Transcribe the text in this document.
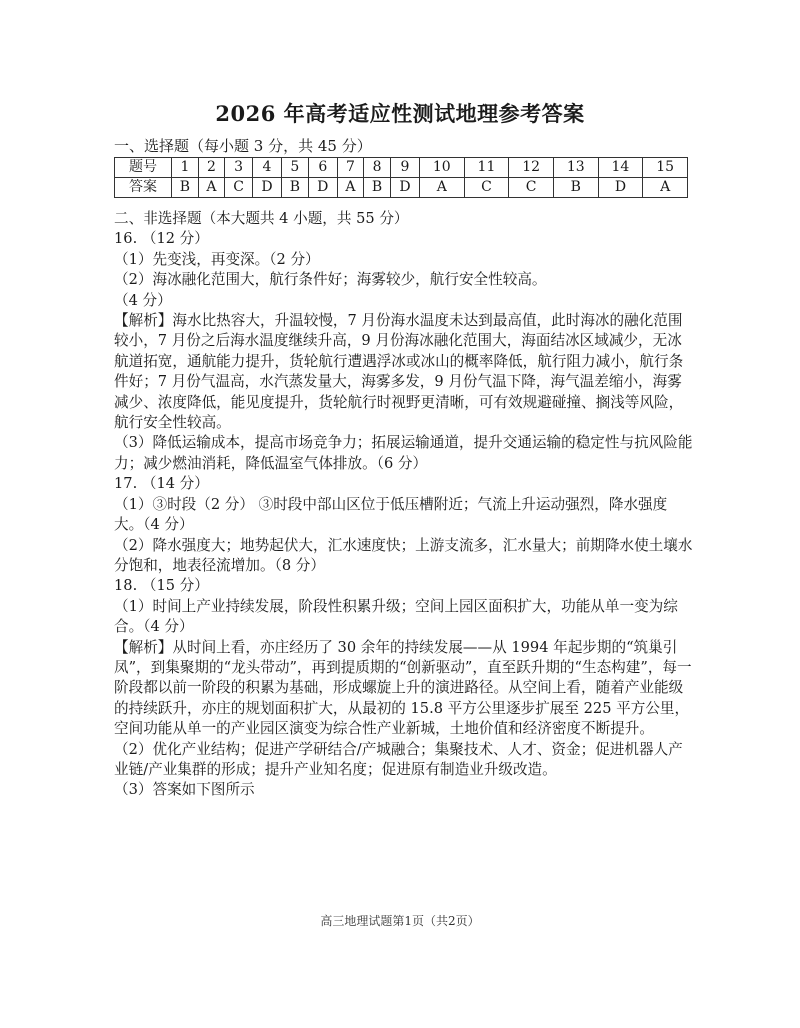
2026 年高考适应性测试地理参考答案
一、选择题（每小题 3 分，共 45 分）
题号	1	2	3	4	5	6	7	8	9	10	11	12	13	14	15
答案	B	A	C	D	B	D	A	B	D	A	C	C	B	D	A

二、非选择题（本大题共 4 小题，共 55 分）

16. （12 分）

（1）先变浅，再变深。（2 分）

（2）海冰融化范围大，航行条件好；海雾较少，航行安全性较高。

（4 分）

【解析】海水比热容大，升温较慢，7 月份海水温度未达到最高值，此时海冰的融化范围较小，7 月份之后海水温度继续升高，9 月份海冰融化范围大，海面结冰区域减少，无冰航道拓宽，通航能力提升，货轮航行遭遇浮冰或冰山的概率降低，航行阻力减小，航行条件好；7 月份气温高，水汽蒸发量大，海雾多发，9 月份气温下降，海气温差缩小，海雾减少、浓度降低，能见度提升，货轮航行时视野更清晰，可有效规避碰撞、搁浅等风险，航行安全性较高。

（3）降低运输成本，提高市场竞争力；拓展运输通道，提升交通运输的稳定性与抗风险能力；减少燃油消耗，降低温室气体排放。（6 分）

17. （14 分）

（1）③时段（2 分） ③时段中部山区位于低压槽附近；气流上升运动强烈，降水强度大。（4 分）

（2）降水强度大；地势起伏大，汇水速度快；上游支流多，汇水量大；前期降水使土壤水分饱和，地表径流增加。（8 分）

18. （15 分）

（1）时间上产业持续发展，阶段性积累升级；空间上园区面积扩大，功能从单一变为综合。（4 分）

【解析】从时间上看，亦庄经历了 30 余年的持续发展——从 1994 年起步期的“筑巢引凤”，到集聚期的“龙头带动”，再到提质期的“创新驱动”，直至跃升期的“生态构建”，每一阶段都以前一阶段的积累为基础，形成螺旋上升的演进路径。从空间上看，随着产业能级的持续跃升，亦庄的规划面积扩大，从最初的 15.8 平方公里逐步扩展至 225 平方公里，空间功能从单一的产业园区演变为综合性产业新城，土地价值和经济密度不断提升。

（2）优化产业结构；促进产学研结合/产城融合；集聚技术、人才、资金；促进机器人产业链/产业集群的形成；提升产业知名度；促进原有制造业升级改造。

（3）答案如下图所示

高三地理试题第1页（共2页）
